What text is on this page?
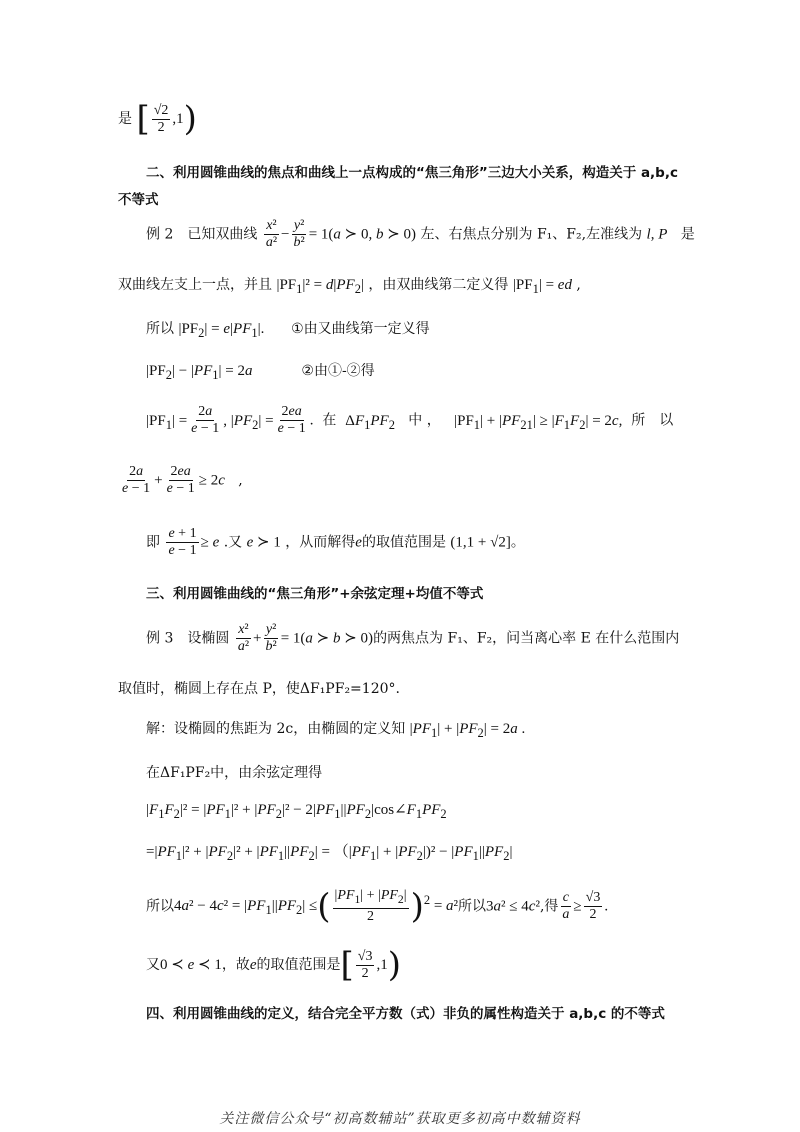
是 [ $\frac{√2}{2} ,1$)
二、利用圆锥曲线的焦点和曲线上一点构成的“焦三角形”三边大小关系，构造关于 a,b,c
不等式
例 2　已知双曲线 $\frac{\text{x²}}{\text{a²}} - \frac{\text{y²}}{\text{b²}} = 1(a$ ≻ 0, b ≻ 0) 左、右焦点分别为 F₁、F₂,左准线为 l, P 是
双曲线左支上一点，并且 $|PF_1|^2 = d|PF_2|$ ，由双曲线第二定义得 $|PF_1|$ = ed ,
所以 $|PF_2| = e|PF_1|$. ①由又曲线第一定义得
$|PF_2| - |PF_1| = 2a$	②由①-②得
$|PF_1| = \frac{2a}{e - 1}$ , $|PF_2| = \frac{2ea}{e - 1}$ . 在 $\Delta F_1PF_2$ 中 ，   $|PF_1| + |PF_{21}| \ge |F_1F_2| = 2c$, 所　以
$\frac{2a}{e - 1} + \frac{2ea}{e - 1} \ge 2c$   ,
即 $\frac{e + 1}{e - 1} \ge e$ .又 e ≻ 1 ，从而解得e的取值范围是 (1,1 + √2]。
三、利用圆锥曲线的“焦三角形”+余弦定理+均值不等式
例 3　设椭圆 $\frac{\text{x²}}{\text{a²}} + \frac{\text{y²}}{\text{b²}} = 1(a$ ≻ b ≻ 0)的两焦点为 F₁、F₂，问当离心率 E 在什么范围内
取值时，椭圆上存在点 P，使ΔF₁PF₂=120°.
解：设椭圆的焦距为 2c，由椭圆的定义知 $|PF_1| + |PF_2| = 2a$ .
在ΔF₁PF₂中，由余弦定理得
$|F_1F_2|^2 = |PF_1|^2 + |PF_2|^2$ − $2|PF_1||PF_2|\cos\angle F_1PF_2$
$=|PF_1|^2 + |PF_2|^2 + |PF_1||PF_2| = (|PF_1| + |PF_2|)^2 - |PF_1||PF_2|$
所以$4a^2 - 4c^2 = |PF_1||PF_2|$ ≤( $\frac{|PF_1| + |PF_2|}{2} )^2 = a^2$所以3a² ≤ 4c²,得 $\frac{c}{a} \ge \frac{√3}{2}$ .
又0 ≺ e ≺ 1，故e的取值范围是[ $\frac{√3}{2} ,1$)
四、利用圆锥曲线的定义，结合完全平方数（式）非负的属性构造关于 a,b,c 的不等式
关注微信公众号“初高数辅站”获取更多初高中数辅资料
